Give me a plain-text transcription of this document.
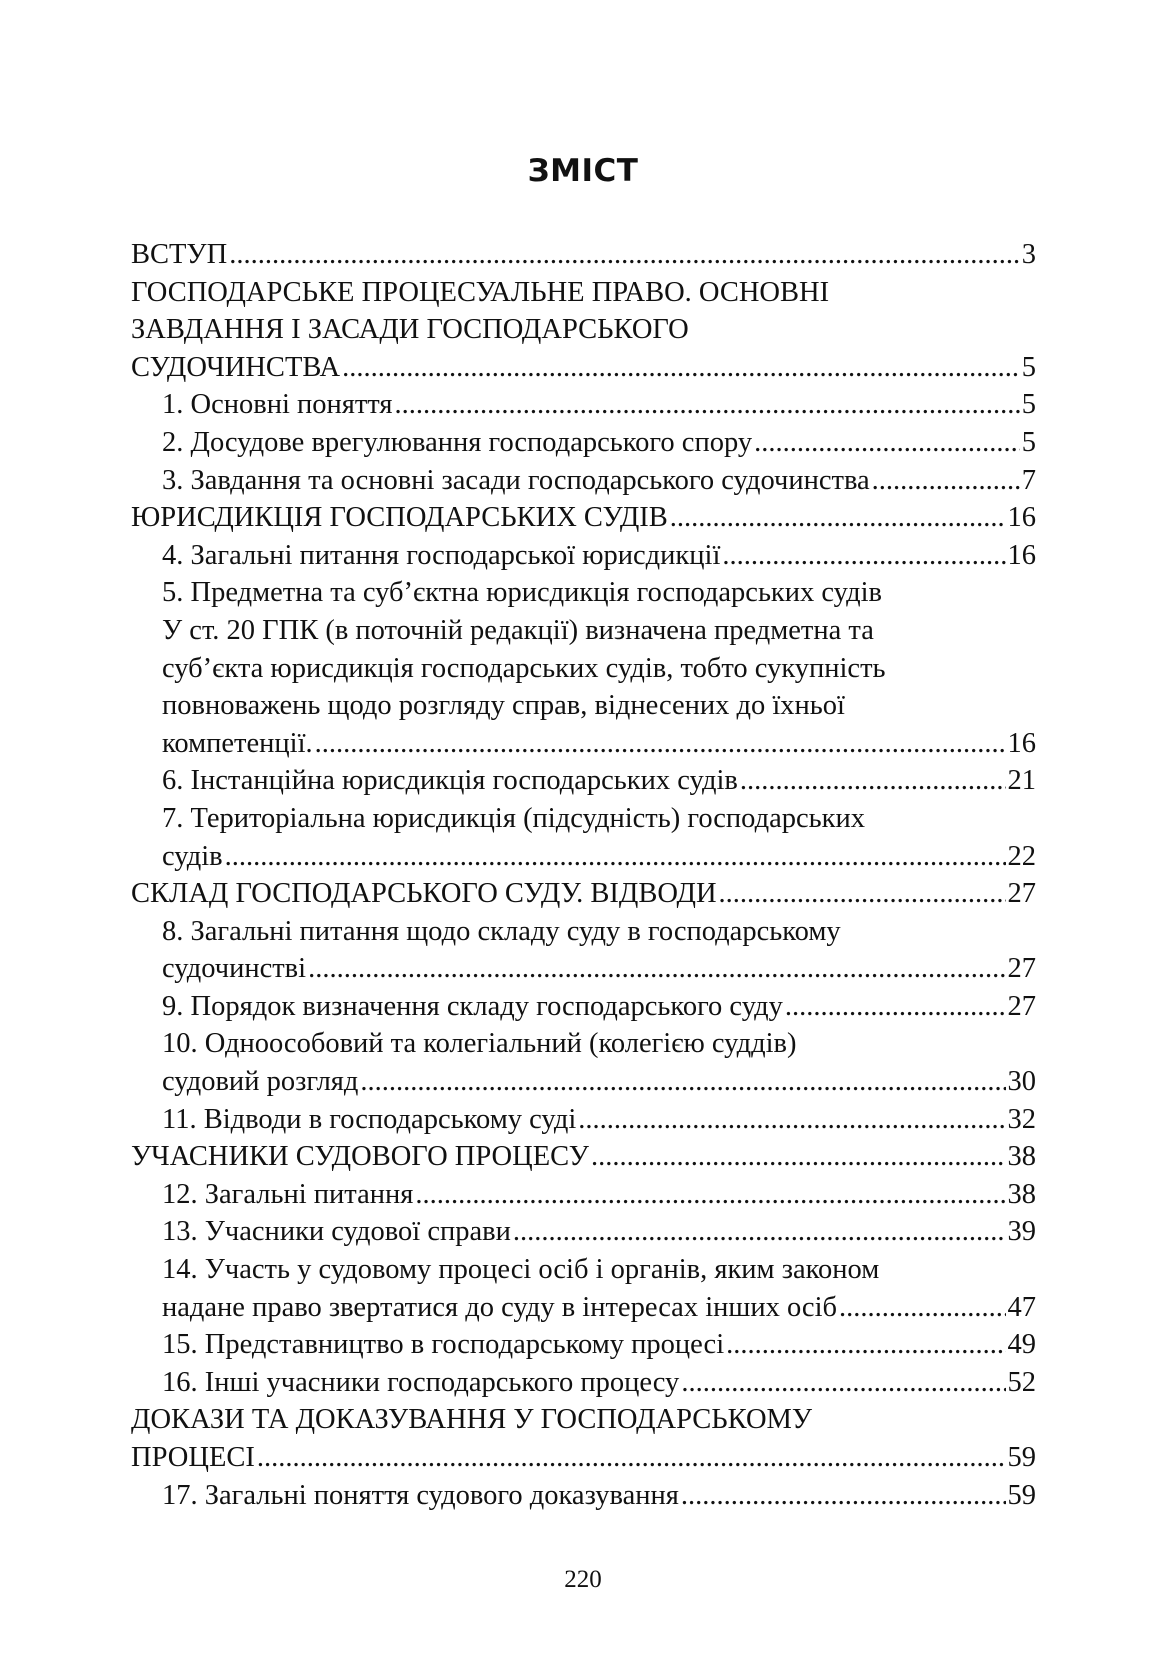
ЗМІСТ
ВСТУП .....	3
ГОСПОДАРСЬКЕ ПРОЦЕСУАЛЬНЕ ПРАВО. ОСНОВНІ
ЗАВДАННЯ І ЗАСАДИ ГОСПОДАРСЬКОГО
СУДОЧИНСТВА .....	5
1. Основні поняття .....	5
2. Досудове врегулювання господарського спору .....	5
3. Завдання та основні засади господарського судочинства .....	7
ЮРИСДИКЦІЯ ГОСПОДАРСЬКИХ СУДІВ .....	16
4. Загальні питання господарської юрисдикції .....	16
5. Предметна та суб’єктна юрисдикція господарських судів
У ст. 20 ГПК (в поточній редакції) визначена предметна та
суб’єкта юрисдикція господарських судів, тобто сукупність
повноважень щодо розгляду справ, віднесених до їхньої
компетенції. .....	16
6. Інстанційна юрисдикція господарських судів .....	21
7. Територіальна юрисдикція (підсудність) господарських
судів .....	22
СКЛАД ГОСПОДАРСЬКОГО СУДУ. ВІДВОДИ .....	27
8. Загальні питання щодо складу суду в господарському
судочинстві .....	27
9. Порядок визначення складу господарського суду .....	27
10. Одноособовий та колегіальний (колегією суддів)
судовий розгляд .....	30
11. Відводи в господарському суді .....	32
УЧАСНИКИ СУДОВОГО ПРОЦЕСУ .....	38
12. Загальні питання .....	38
13. Учасники судової справи .....	39
14. Участь у судовому процесі осіб і органів, яким законом
надане право звертатися до суду в інтересах інших осіб .....	47
15. Представництво в господарському процесі .....	49
16. Інші учасники господарського процесу .....	52
ДОКАЗИ ТА ДОКАЗУВАННЯ У ГОСПОДАРСЬКОМУ
ПРОЦЕСІ .....	59
17. Загальні поняття судового доказування .....	59
220
